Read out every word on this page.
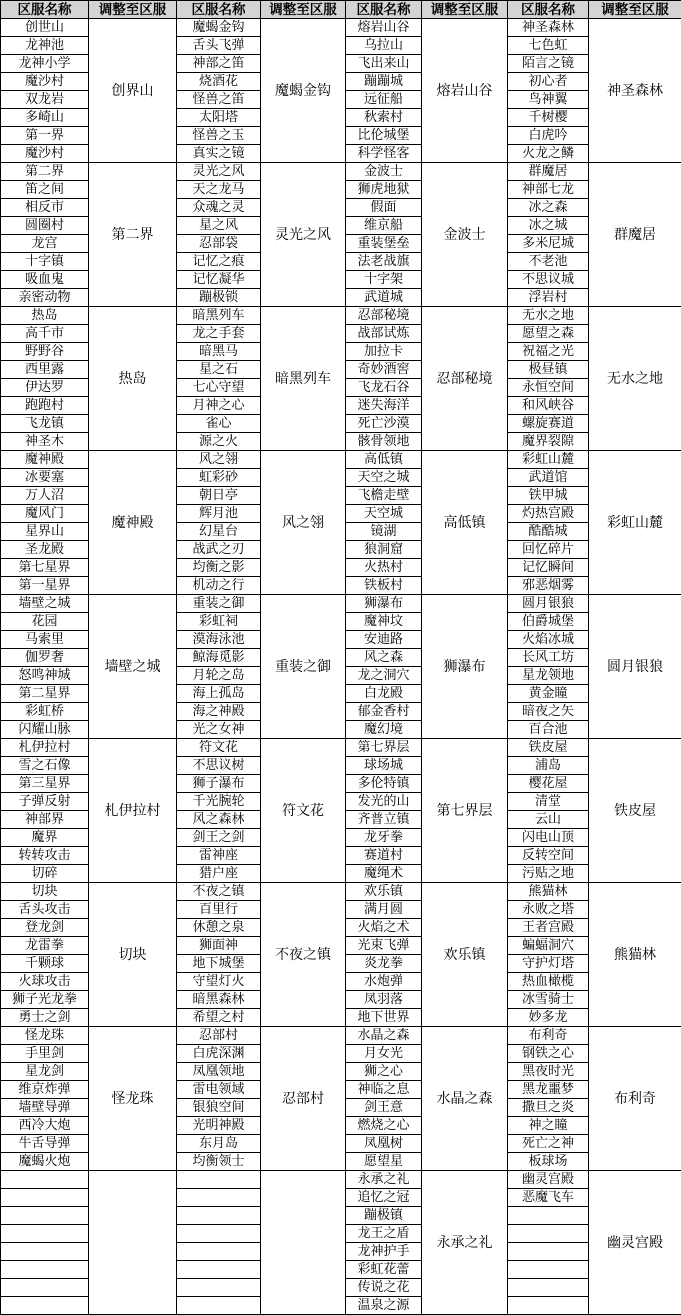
区服名称	调整至区服	区服名称	调整至区服	区服名称	调整至区服	区服名称	调整至区服
创世山	创界山	魔蝎金钩	魔蝎金钩	熔岩山谷	熔岩山谷	神圣森林	神圣森林
龙神池		舌头飞弹		乌拉山		七色虹	
龙神小学		神部之笛		飞出来山		陌言之镜	
魔沙村		烧酒花		蹦蹦城		初心者	
双龙岩		怪兽之笛		远征船		鸟神翼	
多崎山		太阳塔		秋索村		千树樱	
第一界		怪兽之玉		比伦城堡		白虎吟	
魔沙村		真实之镜		科学怪客		火龙之鳞	
第二界	第二界	灵光之风	灵光之风	金波士	金波士	群魔居	群魔居
笛之间		天之龙马		狮虎地狱		神部七龙	
相反市		众魂之灵		假面		冰之森	
圆圈村		星之风		维京船		冰之城	
龙宫		忍部袋		重装堡垒		多米尼城	
十字镇		记忆之痕		法老战旗		不老池	
吸血鬼		记忆凝华		十字架		不思议城	
亲密动物		蹦极锁		武道城		浮岩村	
热岛	热岛	暗黑列车	暗黑列车	忍部秘境	忍部秘境	无水之地	无水之地
高千市		龙之手套		战部试炼		愿望之森	
野野谷		暗黑马		加拉卡		祝福之光	
西里露		星之石		奇妙酒窖		极昼镇	
伊达罗		七心守望		飞龙石谷		永恒空间	
跑跑村		月神之心		迷失海洋		和风峡谷	
飞龙镇		雀心		死亡沙漠		螺旋赛道	
神圣木		源之火		骸骨领地		魔界裂隙	
魔神殿	魔神殿	风之翎	风之翎	高低镇	高低镇	彩虹山麓	彩虹山麓
冰要塞		虹彩砂		天空之城		武道馆	
万人沼		朝日亭		飞檐走壁		铁甲城	
魔风门		辉月池		天空城		灼热宫殿	
星界山		幻星台		镜湖		酷酷城	
圣龙殿		战武之刃		狼洞窟		回忆碎片	
第七星界		均衡之影		火热村		记忆瞬间	
第一星界		机动之行		铁板村		邪恶烟雾	
墙壁之城	墙壁之城	重装之御	重装之御	狮瀑布	狮瀑布	圆月银狼	圆月银狼
花园		彩虹祠		魔神坟		伯爵城堡	
马索里		漠海泳池		安迪路		火焰冰城	
伽罗奢		鲸海觅影		风之森		长风工坊	
怒鸣神城		月轮之岛		龙之洞穴		星龙领地	
第二星界		海上孤岛		白龙殿		黄金瞳	
彩虹桥		海之神殿		郁金香村		暗夜之矢	
闪耀山脉		光之女神		魔幻境		百合池	
札伊拉村	札伊拉村	符文花	符文花	第七界层	第七界层	铁皮屋	铁皮屋
雪之石像		不思议树		球场城		浦岛	
第三星界		狮子瀑布		多伦特镇		樱花屋	
子弹反射		千光腕轮		发光的山		清堂	
神部界		风之森林		齐普立镇		云山	
魔界		剑王之剑		龙牙拳		闪电山顶	
转转攻击		雷神座		赛道村		反转空间	
切碎		猎户座		魔绳术		污贴之地	
切块	切块	不夜之镇	不夜之镇	欢乐镇	欢乐镇	熊猫林	熊猫林
舌头攻击		百里行		满月圆		永败之塔	
登龙剑		休憩之泉		火焰之术		王者宫殿	
龙雷拳		狮面神		光束飞弹		蝙蝠洞穴	
千颗球		地下城堡		炎龙拳		守护灯塔	
火球攻击		守望灯火		水炮弹		热血橄榄	
狮子光龙拳		暗黑森林		凤羽落		冰雪骑士	
勇士之剑		希望之村		地下世界		妙多龙	
怪龙珠	怪龙珠	忍部村	忍部村	水晶之森	水晶之森	布利奇	布利奇
手里剑		白虎深渊		月女光		钢铁之心	
星龙剑		凤凰领地		狮之心		黑夜时光	
维京炸弹		雷电领域		神临之息		黑龙噩梦	
墙壁导弹		银狼空间		剑王意		撒旦之炎	
西冷大炮		光明神殿		燃烧之心		神之瞳	
牛舌导弹		东月岛		凤凰树		死亡之神	
魔蝎火炮		均衡领士		愿望星		板球场	
				永承之礼	永承之礼	幽灵宫殿	幽灵宫殿
				追忆之冠		恶魔飞车	
				蹦极镇			
				龙王之盾			
				龙神护手			
				彩虹花蕾			
				传说之花			
				温泉之源			
